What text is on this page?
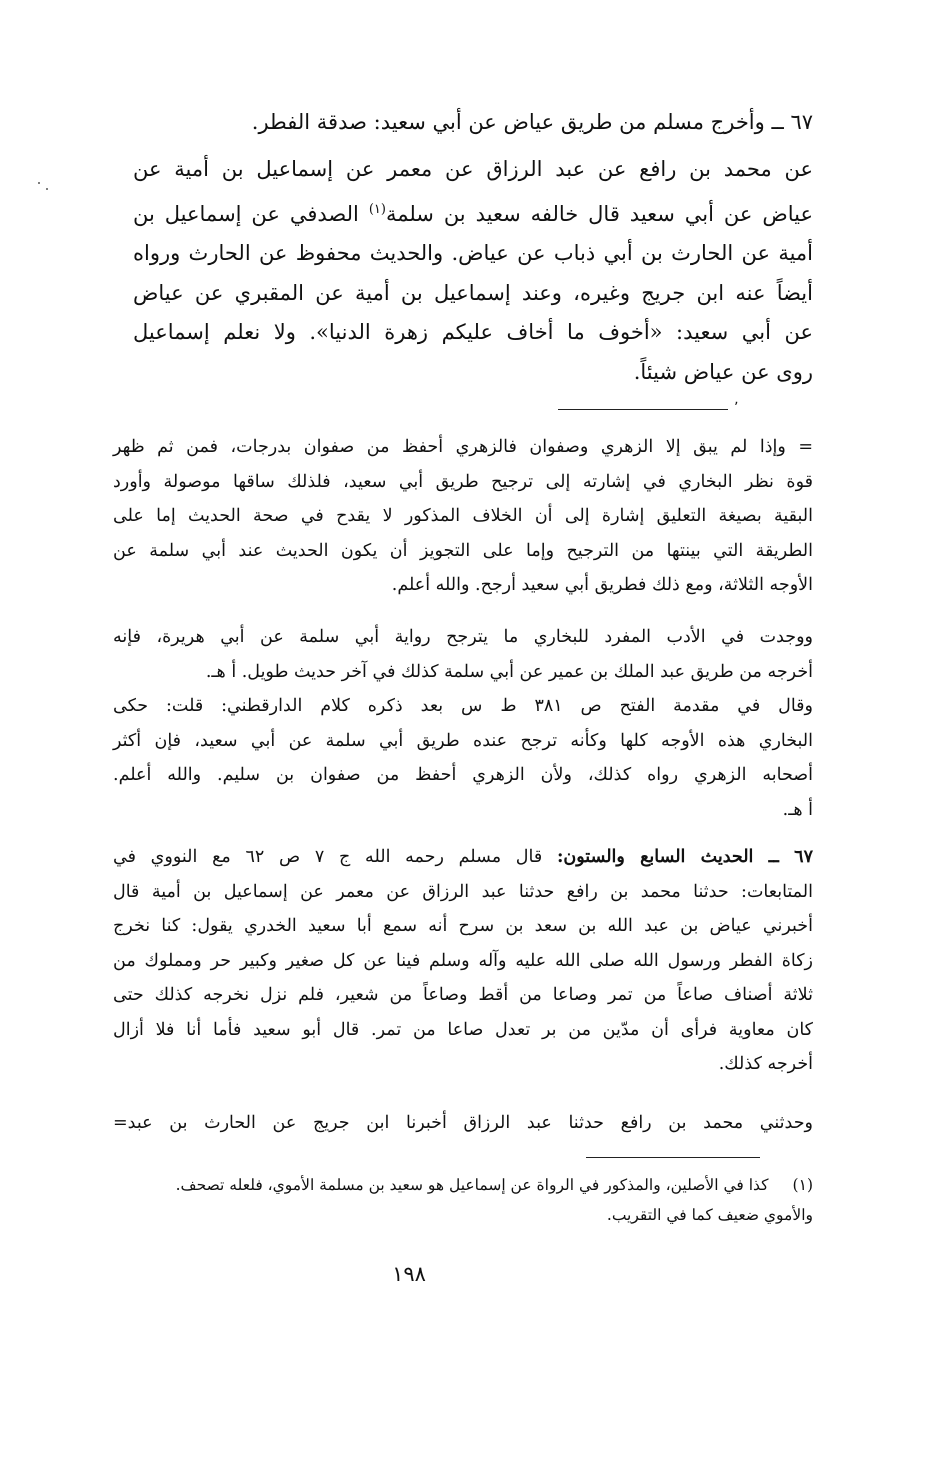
٦٧ ــ وأخرج مسلم من طريق عياض عن أبي سعيد: صدقة الفطر.
عن محمد بن رافع عن عبد الرزاق عن معمر عن إسماعيل بن أمية عن
عياض عن أبي سعيد قال خالفه سعيد بن سلمة$^{(١)}$ الصدفي عن إسماعيل بن
أمية عن الحارث بن أبي ذباب عن عياض. والحديث محفوظ عن الحارث ورواه
أيضاً عنه ابن جريج وغيره، وعند إسماعيل بن أمية عن المقبري عن عياض
عن أبي سعيد: «أخوف ما أخاف عليكم زهرة الدنيا». ولا نعلم إسماعيل
روى عن عياض شيئاً.
٬
= وإذا لم يبق إلا الزهري وصفوان فالزهري أحفظ من صفوان بدرجات، فمن ثم ظهر
قوة نظر البخاري في إشارته إلى ترجيح طريق أبي سعيد، فلذلك ساقها موصولة وأورد
البقية بصيغة التعليق إشارة إلى أن الخلاف المذكور لا يقدح في صحة الحديث إما على
الطريقة التي بينتها من الترجيح وإما على التجويز أن يكون الحديث عند أبي سلمة عن
الأوجه الثلاثة، ومع ذلك فطريق أبي سعيد أرجح. والله أعلم.
ووجدت في الأدب المفرد للبخاري ما يترجح رواية أبي سلمة عن أبي هريرة، فإنه
أخرجه من طريق عبد الملك بن عمير عن أبي سلمة كذلك في آخر حديث طويل. أ هـ.
وقال في مقدمة الفتح ص ٣٨١ ط س بعد ذكره كلام الدارقطني: قلت: حكى
البخاري هذه الأوجه كلها وكأنه ترجح عنده طريق أبي سلمة عن أبي سعيد، فإن أكثر
أصحابه الزهري رواه كذلك، ولأن الزهري أحفظ من صفوان بن سليم. والله أعلم.
أ هـ.
٦٧ ــ الحديث السابع والستون: قال مسلم رحمه الله ج ٧ ص ٦٢ مع النووي في
المتابعات: حدثنا محمد بن رافع حدثنا عبد الرزاق عن معمر عن إسماعيل بن أمية قال
أخبرني عياض بن عبد الله بن سعد بن سرح أنه سمع أبا سعيد الخدري يقول: كنا نخرج
زكاة الفطر ورسول الله صلى الله عليه وآله وسلم فينا عن كل صغير وكبير حر ومملوك من
ثلاثة أصناف صاعاً من تمر وصاعا من أقط وصاعاً من شعير، فلم نزل نخرجه كذلك حتى
كان معاوية فرأى أن مدّين من بر تعدل صاعا من تمر. قال أبو سعيد فأما أنا فلا أزال
أخرجه كذلك.
وحدثني محمد بن رافع حدثنا عبد الرزاق أخبرنا ابن جريج عن الحارث بن عبد=
(١)كذا في الأصلين، والمذكور في الرواة عن إسماعيل هو سعيد بن مسلمة الأموي، فلعله تصحف.
والأموي ضعيف كما في التقريب.
١٩٨
